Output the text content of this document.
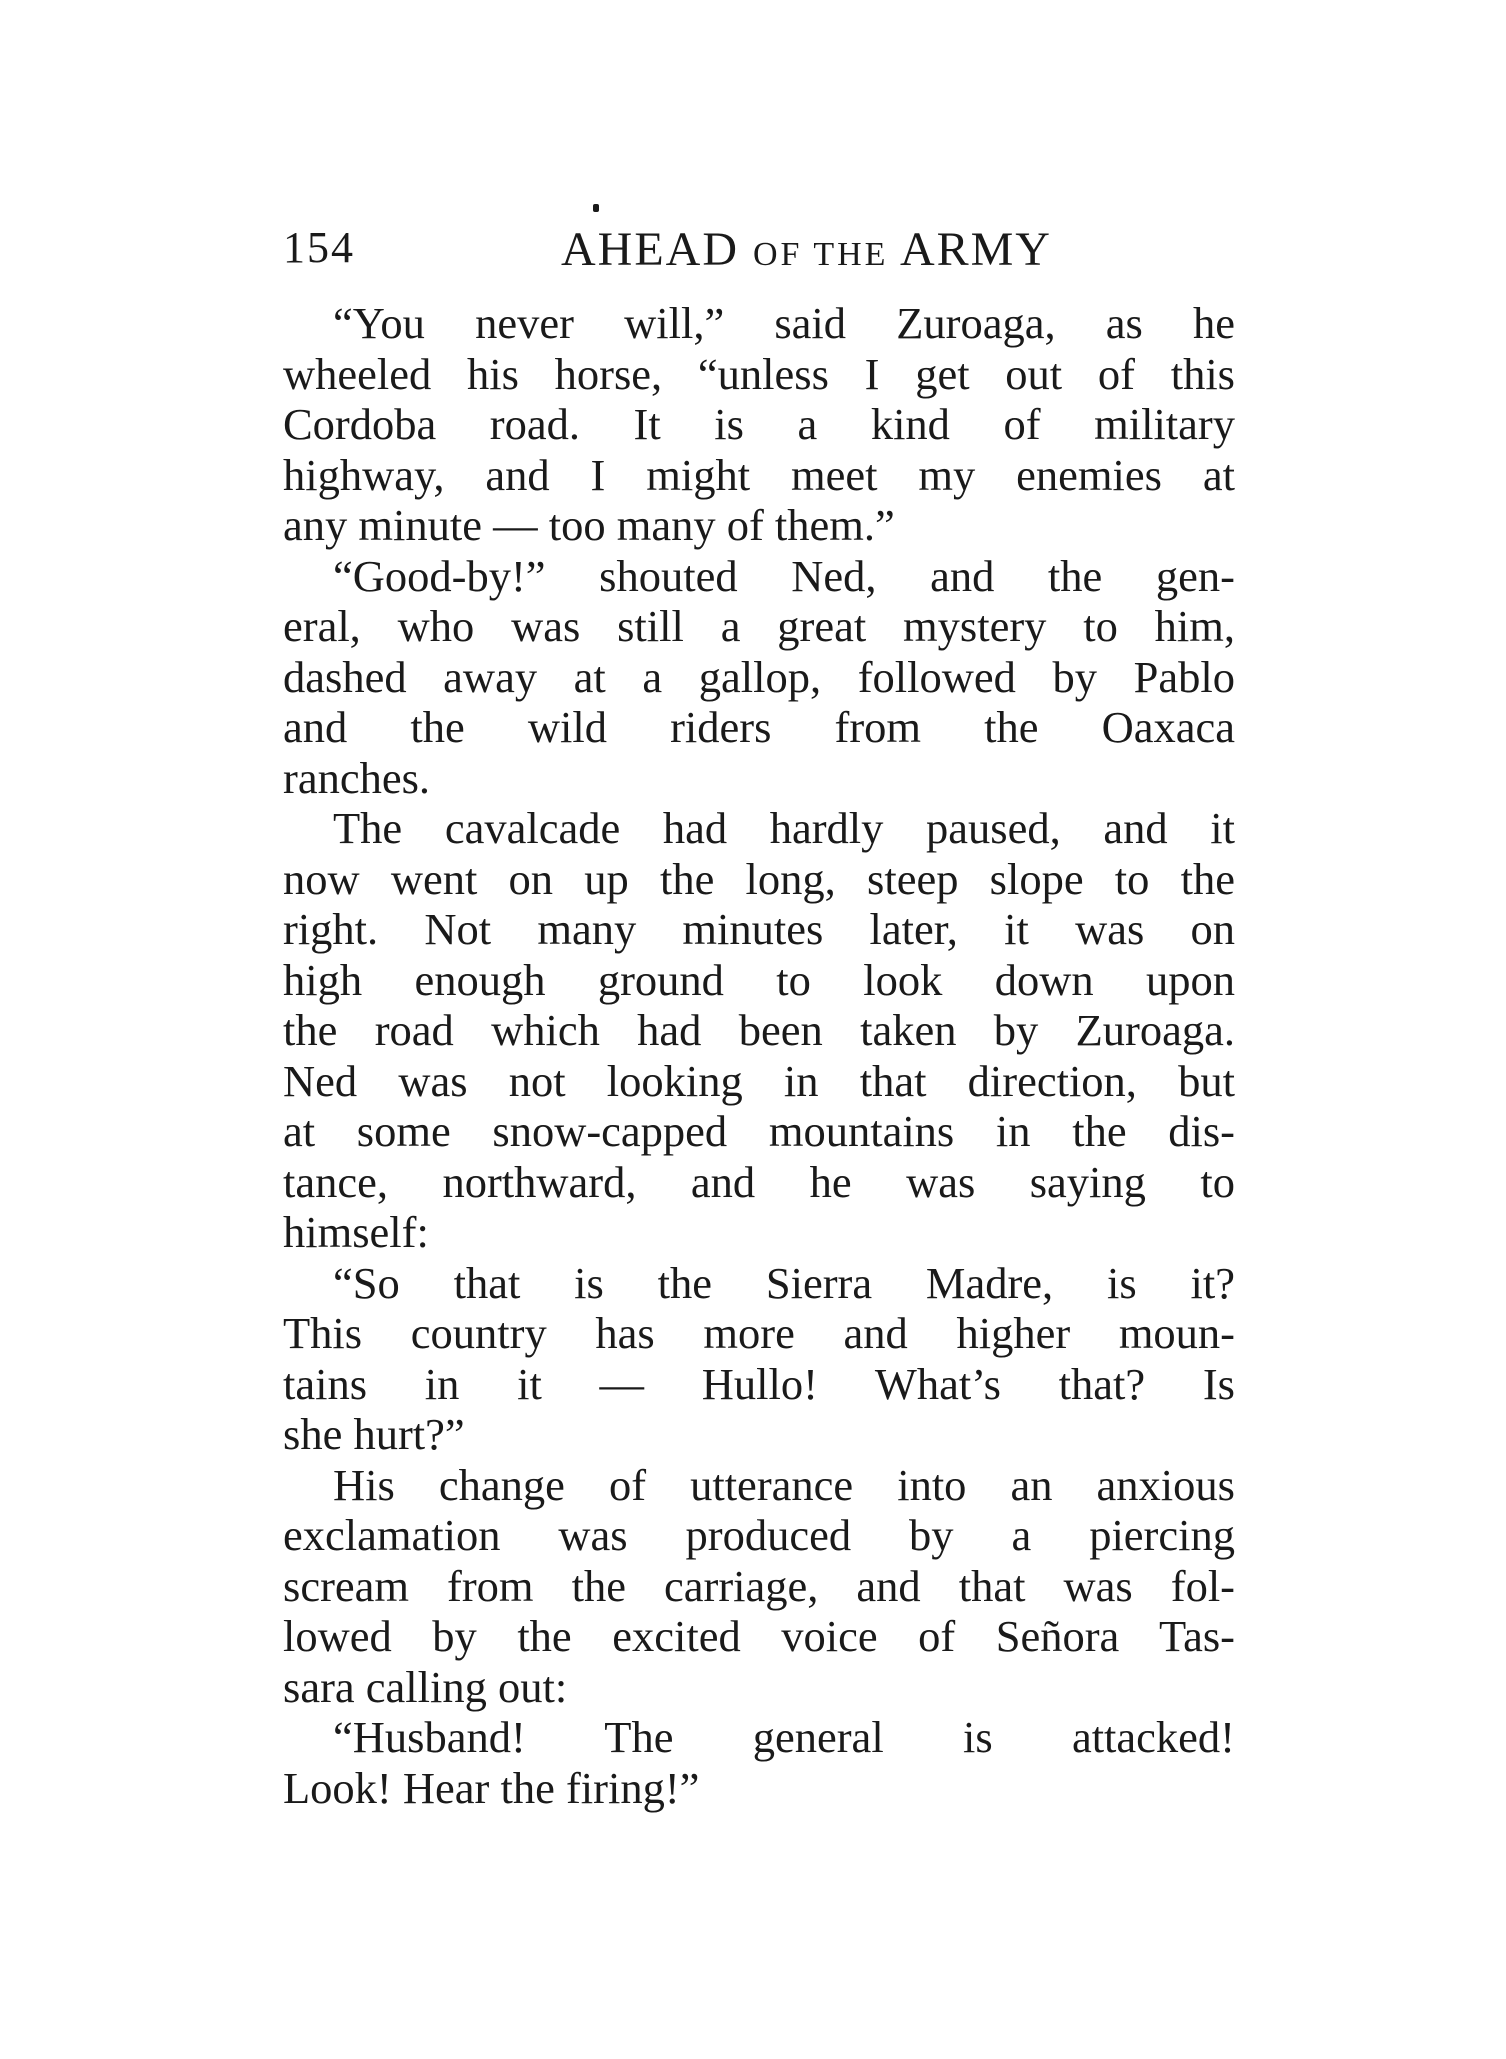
154	AHEAD OF THE ARMY
“You never will,” said Zuroaga, as he
wheeled his horse, “unless I get out of this
Cordoba road. It is a kind of military
highway, and I might meet my enemies at
any minute — too many of them.”
“Good-by!” shouted Ned, and the gen-
eral, who was still a great mystery to him,
dashed away at a gallop, followed by Pablo
and the wild riders from the Oaxaca
ranches.
The cavalcade had hardly paused, and it
now went on up the long, steep slope to the
right. Not many minutes later, it was on
high enough ground to look down upon
the road which had been taken by Zuroaga.
Ned was not looking in that direction, but
at some snow-capped mountains in the dis-
tance, northward, and he was saying to
himself:
“So that is the Sierra Madre, is it?
This country has more and higher moun-
tains in it — Hullo! What’s that? Is
she hurt?”
His change of utterance into an anxious
exclamation was produced by a piercing
scream from the carriage, and that was fol-
lowed by the excited voice of Señora Tas-
sara calling out:
“Husband! The general is attacked!
Look! Hear the firing!”
